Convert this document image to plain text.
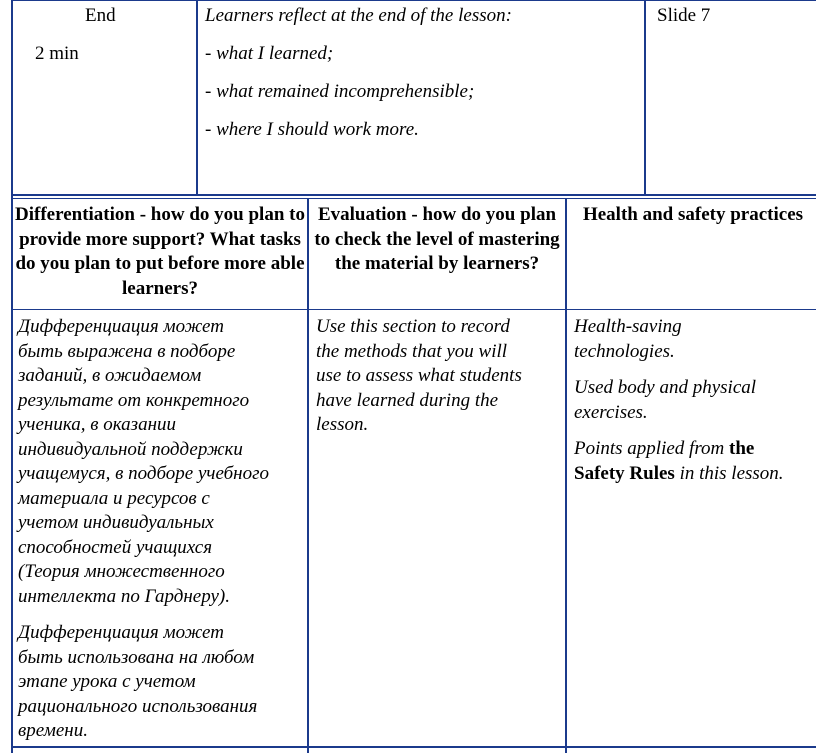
End
2 min
Learners reflect at the end of the lesson:
- what I learned;
- what remained incomprehensible;
- where I should work more.
Slide 7
Differentiation - how do you plan to provide more support? What tasks do you plan to put before more able learners?
Evaluation - how do you plan to check the level of mastering the material by learners?
Health and safety practices

Дифференциация может
быть выражена в подборе
заданий, в ожидаемом
результате от конкретного
ученика, в оказании
индивидуальной поддержки
учащемуся, в подборе учебного
материала и ресурсов с
учетом индивидуальных
способностей учащихся
(Теория множественного
интеллекта по Гарднеру).

Дифференциация может
быть использована на любом
этапе урока с учетом
рационального использования
времени.

Use this section to record
the methods that you will
use to assess what students
have learned during the
lesson.

Health-saving
technologies.

Used body and physical
exercises.

Points applied from the
Safety Rules in this lesson.
